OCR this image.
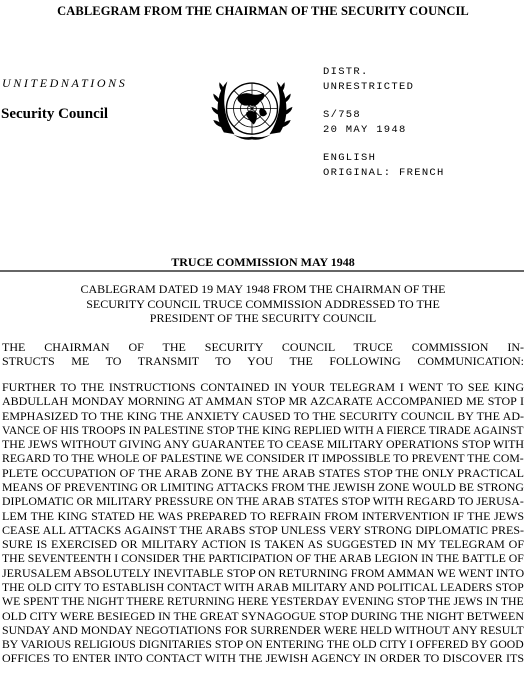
CABLEGRAM FROM THE CHAIRMAN OF THE SECURITY COUNCIL
UNITEDNATIONS
Security Council
DISTR.
UNRESTRICTED
S/758
20 MAY 1948
ENGLISH
ORIGINAL: FRENCH
TRUCE COMMISSION MAY 1948
CABLEGRAM DATED 19 MAY 1948 FROM THE CHAIRMAN OF THE
SECURITY COUNCIL TRUCE COMMISSION ADDRESSED TO THE
PRESIDENT OF THE SECURITY COUNCIL
THE CHAIRMAN OF THE SECURITY COUNCIL TRUCE COMMISSION IN-
STRUCTS ME TO TRANSMIT TO YOU THE FOLLOWING COMMUNICATION:
FURTHER TO THE INSTRUCTIONS CONTAINED IN YOUR TELEGRAM I WENT TO SEE KING
ABDULLAH MONDAY MORNING AT AMMAN STOP MR AZCARATE ACCOMPANIED ME STOP I
EMPHASIZED TO THE KING THE ANXIETY CAUSED TO THE SECURITY COUNCIL BY THE AD-
VANCE OF HIS TROOPS IN PALESTINE STOP THE KING REPLIED WITH A FIERCE TIRADE AGAINST
THE JEWS WITHOUT GIVING ANY GUARANTEE TO CEASE MILITARY OPERATIONS STOP WITH
REGARD TO THE WHOLE OF PALESTINE WE CONSIDER IT IMPOSSIBLE TO PREVENT THE COM-
PLETE OCCUPATION OF THE ARAB ZONE BY THE ARAB STATES STOP THE ONLY PRACTICAL
MEANS OF PREVENTING OR LIMITING ATTACKS FROM THE JEWISH ZONE WOULD BE STRONG
DIPLOMATIC OR MILITARY PRESSURE ON THE ARAB STATES STOP WITH REGARD TO JERUSA-
LEM THE KING STATED HE WAS PREPARED TO REFRAIN FROM INTERVENTION IF THE JEWS
CEASE ALL ATTACKS AGAINST THE ARABS STOP UNLESS VERY STRONG DIPLOMATIC PRES-
SURE IS EXERCISED OR MILITARY ACTION IS TAKEN AS SUGGESTED IN MY TELEGRAM OF
THE SEVENTEENTH I CONSIDER THE PARTICIPATION OF THE ARAB LEGION IN THE BATTLE OF
JERUSALEM ABSOLUTELY INEVITABLE STOP ON RETURNING FROM AMMAN WE WENT INTO
THE OLD CITY TO ESTABLISH CONTACT WITH ARAB MILITARY AND POLITICAL LEADERS STOP
WE SPENT THE NIGHT THERE RETURNING HERE YESTERDAY EVENING STOP THE JEWS IN THE
OLD CITY WERE BESIEGED IN THE GREAT SYNAGOGUE STOP DURING THE NIGHT BETWEEN
SUNDAY AND MONDAY NEGOTIATIONS FOR SURRENDER WERE HELD WITHOUT ANY RESULT
BY VARIOUS RELIGIOUS DIGNITARIES STOP ON ENTERING THE OLD CITY I OFFERED BY GOOD
OFFICES TO ENTER INTO CONTACT WITH THE JEWISH AGENCY IN ORDER TO DISCOVER ITS
